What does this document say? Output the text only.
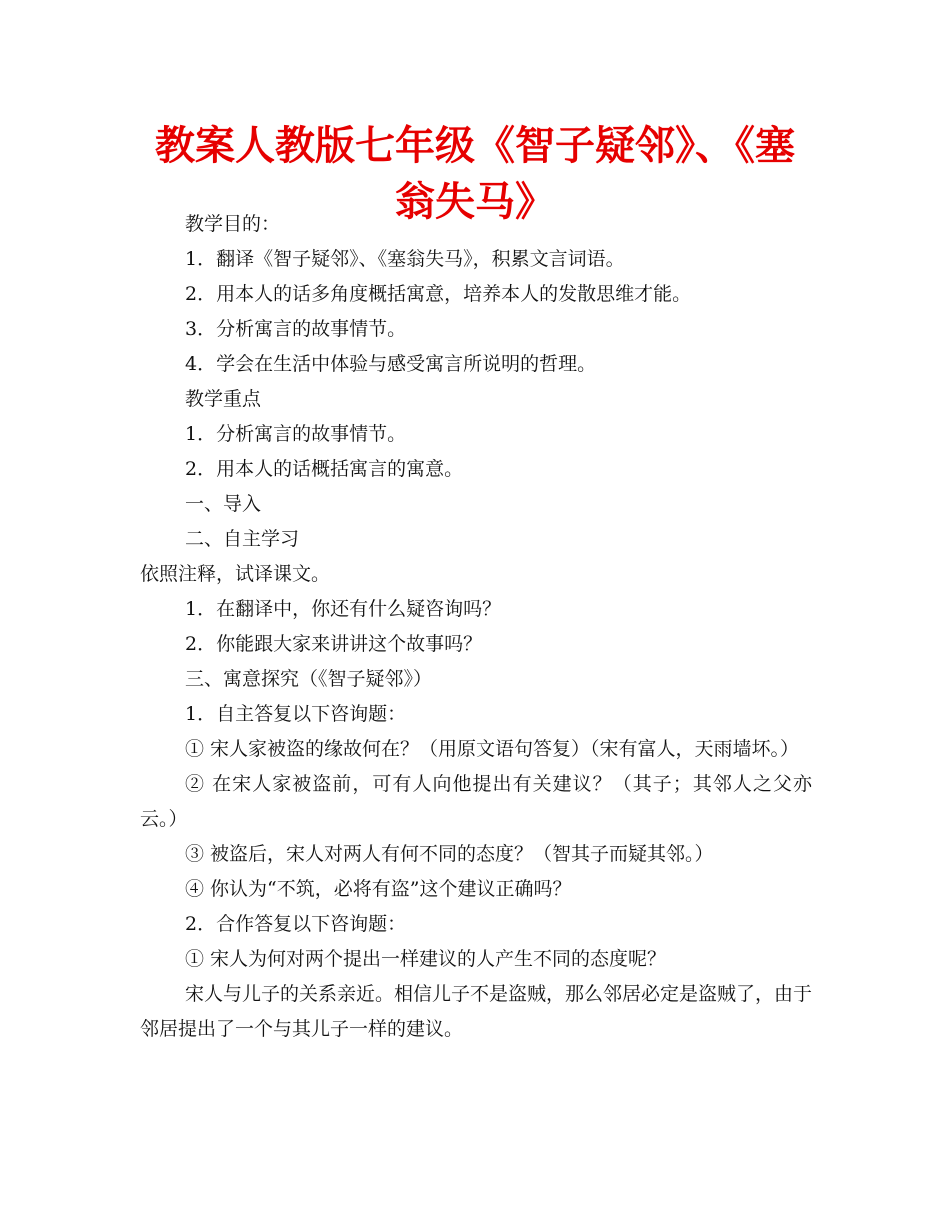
教案人教版七年级《智子疑邻》、《塞翁失马》
教学目的：
1．翻译《智子疑邻》、《塞翁失马》，积累文言词语。
2．用本人的话多角度概括寓意，培养本人的发散思维才能。
3．分析寓言的故事情节。
4．学会在生活中体验与感受寓言所说明的哲理。
教学重点
1．分析寓言的故事情节。
2．用本人的话概括寓言的寓意。
一、导入
二、自主学习
依照注释，试译课文。
1．在翻译中，你还有什么疑咨询吗？
2．你能跟大家来讲讲这个故事吗？
三、寓意探究（《智子疑邻》）
1．自主答复以下咨询题：
① 宋人家被盗的缘故何在？（用原文语句答复）（宋有富人，天雨墙坏。）
② 在宋人家被盗前，可有人向他提出有关建议？（其子；其邻人之父亦云。）
③ 被盗后，宋人对两人有何不同的态度？（智其子而疑其邻。）
④ 你认为“不筑，必将有盗”这个建议正确吗？
2．合作答复以下咨询题：
① 宋人为何对两个提出一样建议的人产生不同的态度呢？
宋人与儿子的关系亲近。相信儿子不是盗贼，那么邻居必定是盗贼了，由于邻居提出了一个与其儿子一样的建议。
